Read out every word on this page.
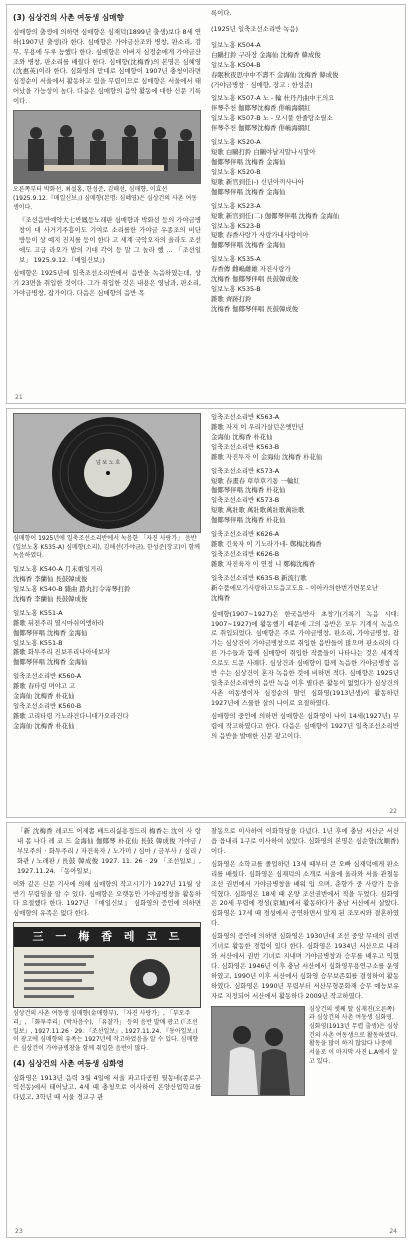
(3) 심상건의 사촌 여동생 심매향
심매향의 출생에 의하면 심매향은 심재덕(1899년 출생)보다 8세 연하(1907년 출생)라 한다. 심매향은 가야금산조와 병창, 판소리, 검무, 무용에 두루 능했다 한다. 심매향은 아버지 심정순에게 가야금산조와 병창, 판소리를 배웠다 한다. 심매향(沈梅香)의 본명은 심혜영(沈惠英)이라 한다. 심화영의 맏대로 심매향이 1907년 충청이라면 심정순이 서울에서 활동하고 있을 무렵이므로 심매향은 서울에서 태어났을 가능성이 높다. 다음은 심매향의 음악 활동에 대한 신문 기록이다.
오른쪽부터 박화선, 최설홍, 한성준, 김해선, 심매향, 이효선(1925.9.12.『매일신보』) 심매향(본명: 심혜영)은 심상건의 사촌 여동생이다.
『조선음반예약大七반鳳등노래판 심매향과 박화선 등의 가야금병창이 대 사거기주흥이도 기여로 소리를한 가야금 우종조의 비단 방등이 상 예지 진지를 등이 한다 고 세계 국악오자의 올라도 조선에도 고급 라오가 발의 기대 각이 등 말 그 놀라 했 ... 「조선일보」 1925.9.12.『매일신보』)
심매향은 1925년에 일축조선소리반에서 음반을 녹음하였는데, 상기 23면을 취입한 것이다. 그가 취입한 것은 내용은 영남과, 판소리, 가야금병창, 잡가이다. 다음은 심매향의 음반 목
21
록이다.
(1925년 일축조선소리반 녹음)
일보노홍 K504-A
白鷗打鈴 구라장 金海仙 沈梅香 韓成俊
일보노홍 K504-B
春眠秋夜思中中不壽不 金海仙 沈梅香 韓成俊
(가야금병창 · 심매향, 장고 : 한성준)

일보노홍 K507-A 노 - 輪 杜丹丹曲中王의요
伴琴추천 伽倻琴沈梅香 俳嶋海網紅
일보노홍 K507-B 노 - 모시풀 한줄탕소릴소
伴琴추천 伽倻琴沈梅香 俳嶋海網紅

일보노홍 K520-A
短歌 白鷗打鈴 白鷗야날지말나시말아
伽倻琴伴唱 沈梅香 金海仙
일보노홍 K520-B
短歌 新官到任(-) 신년아끼사나아
伽倻琴伴唱 沈梅香 金海仙

일보노홍 K523-A
短歌 新官到任(二) 伽倻琴伴唱 沈梅香 金海仙
일보노홍 K523-B
短歌 春香사랑가 사랑가내사랑이아
伽倻琴伴唱 沈梅香 金海仙

일보노홍 K535-A
春香傳 雌嶋雌雄 자진사랑가
沈梅香 伽倻琴伴唱 長鼓韓成俊
일보노홍 K535-B
雜歌 齊跡打鈴
沈梅香 伽倻琴伴唱 長鼓韓成俊
넘 보 노 호
심매향이 1925년에 일축조선소리반에서 녹음한 「자진 사랑가」 음반(일보노홍 K535-A) 심매향(소리), 김해선(가야금), 한성준(장고)이 함께 녹음하였다.
일보노홍 K540-A 月末重일거리
沈梅香 李蘭仙 長鼓韓成俊
일보노홍 K540-B 雜曲 踏丸打令寄琴打鈴
沈梅香 李蘭仙 長鼓韓成俊

일보노홍 K551-A
雜歌 뒤전주리 열시마쉬여앵하라
伽倻琴伴唱 沈梅香 金海仙
일보노홍 K551-B
雜歌 화투주리 진보푸리나아네보자
伽倻琴伴唱 沈梅香 金海仙

일축조선소리반 K560-A
雜歌 春타령 며야고 고
金海仙 沈梅香 朴花仙
일축조선소리반 K560-B
雜歌 고리타령 가노라건다니대가오라건다
金海仙 沈梅香 朴花仙
일축조선소리반 K563-A
雜歌 자지 이 우리가살던은옛만년
金海仙 沈梅香 朴花仙
일축조선소리반 K563-B
雜歌 자진투자 이 金海仙 沈梅香 朴花仙

일축조선소리반 K573-A
短歌 春畫春 草草草기통 一輪紅
伽倻琴伴唱 沈梅香 朴花仙
일축조선소리반 K573-B
短歌 萬壯歌 萬壯歌萬壯歌萬壯歌
伽倻琴伴唱 沈梅香 朴花仙

일축조선소리반 K626-A
雜歌 긴육자 이 기노라가네- 鄭梅沈梅香
일축조선소리반 K626-B
雜歌 자진육자 이 연정 니 鄭梅沈梅香

일축조선소리반 K635-B 新流行歌
新수품에모기사랑하고도음고도요 - 이아카의한번가면못오난
沈梅香
심매향(1907~1927)은 한국음반사 초창기(기록기 녹음 시대: 1907~1927)에 활동했기 때문에 그의 음반은 모두 기계식 녹음으로 취입되었다. 심매향은 주로 가야금병창, 판소리, 가야금병창, 잡가는 심상건이 가야금병창으로 취입한 음반들이 많으며 판소리의 다른 가수들과 함께 심매향이 취입한 작품들이 나타나는 것은 세계적으로도 드문 사례다. 심상건과 심매향이 함께 녹음한 가야금병창 음반 수는 심상건이 혼자 녹음한 것에 비하면 적다. 심매향은 1925년 일축조선소리반의 음반 녹음 이후 별다른 활동이 없었다가 심상건의 사촌 여동생이자 심정순의 딸인 심화영(1913년생)이 활동하던 1927년에 스물한 살의 나이로 요절하였다.
심매향의 중언에 의하면 심매향은 심화영이 나이 14세(1927년) 무렵에 작고하였다고 한다. 다음은 심매향이 1927년 일축조선소리반의 음반을 발매한 신문 광고이다.
22
「新 沈梅香 레코드 어제쫌 배드리싫용정드리 梅香는 沈이 사 랑 내 몸 나다 레 코 드 金海仙 伽倻琴 朴花仙 長鼓 韓成俊 가야금 / 부모주의 · 화투주리 / 자진육자 / 노가미 / 심마 / 금부사 / 심리 / 화관 / 노래판 / 長鼓 韓成俊 1927. 11. 26 · 29 「조선일보」, 1927.11.24. 「동아일보」
이와 같은 신문 기사에 의해 심매향의 작고시기가 1927년 11월 상반기 무렵임을 알 수 있다. 심매향은 오랫동안 가야금병창을 활동하다 요절했다 한다. 1927년 『매일신보』 심화영의 증언에 의하면 심매향의 유족은 없다 한다.
三 一 梅 香 레 코 드
심상건의 사촌 여동생 심매향(金매향부), 「자진 사랑가」, 「부모주리」, 「화투주리」(박차음수), 「유찰가」 등의 음반 발매 광고 (『조선일보』, 1927.11.26 · 29. 『조선일보』, 1927.11.24. 『동아일보』) 이 광고에 심매향의 유족는 1927년에 작고하였음을 알 수 있다. 심매향은 심상건이 가야금병창을 함께 취입한 음반이 많다.
(4) 심상건의 사촌 여동생 심화영
심화영은 1913년 음력 3월 4일에 서울 파고다공원 뒷동네(종로구 익선동)에서 태어났고, 4세 때 충청으로 이사하여 온양산업학교를 다녔고, 3학년 때 서울 경교구 관
23
찰동으로 이사하여 이화학당을 다녔다. 1년 후에 충남 서산군 서산읍 읍내리 1구로 이사하여 살았다. 심화영의 본명은 심순향(沈順香)이다.
심화영은 소학교를 졸업하던 13세 때부터 큰 오빠 심재덕에게 판소리를 배웠다. 심화영은 심재덕의 소개로 서울에 올라와 서울 관철동 조선 권번에서 가야금병창을 배워 입 으며, 춘향가 중 사랑가 등을 익혔다. 심화영은 18세 때 온양 조선권번에서 적을 두었다. 심화영은 20세 무렵에 경성(京城)에서 활동하다가 충남 서산에서 살았다. 심화영은 17세 때 경성에서 공연하면서 알게 된 조모씨와 결혼하였다.
심화영의 증언에 의하면 심화영은 1930년대 조선 중앙 무대의 권번 기녀로 활동한 경험이 있다 한다. 심화영은 1934년 서산으로 내려와 서산에서 권번 기녀로 지내며 가야금병창과 승무를 배우고 익혔다. 심화영은 1946년 이후 충남 서산에서 심화영무용연구소를 운영하였고, 1990년 이후 서산에서 심화영 승무보존회를 결성하여 활동하였다. 심화영은 1990년 무렵부터 서산무형문화재 승무 예능보유자로 지정되어 서산에서 활동하다 2009년 작고하였다.
심상건의 셋째 딸 심재진(오른쪽)과 심상건의 사촌 여동생 심화영. 심화영(1913년 무렵 출생)은 심상건의 사촌 여동생으로 활동하였다. 활동을 많이 하지 않았다 나중에 서울로 이 마지막 사진 L.A에서 살고 있다.
24
